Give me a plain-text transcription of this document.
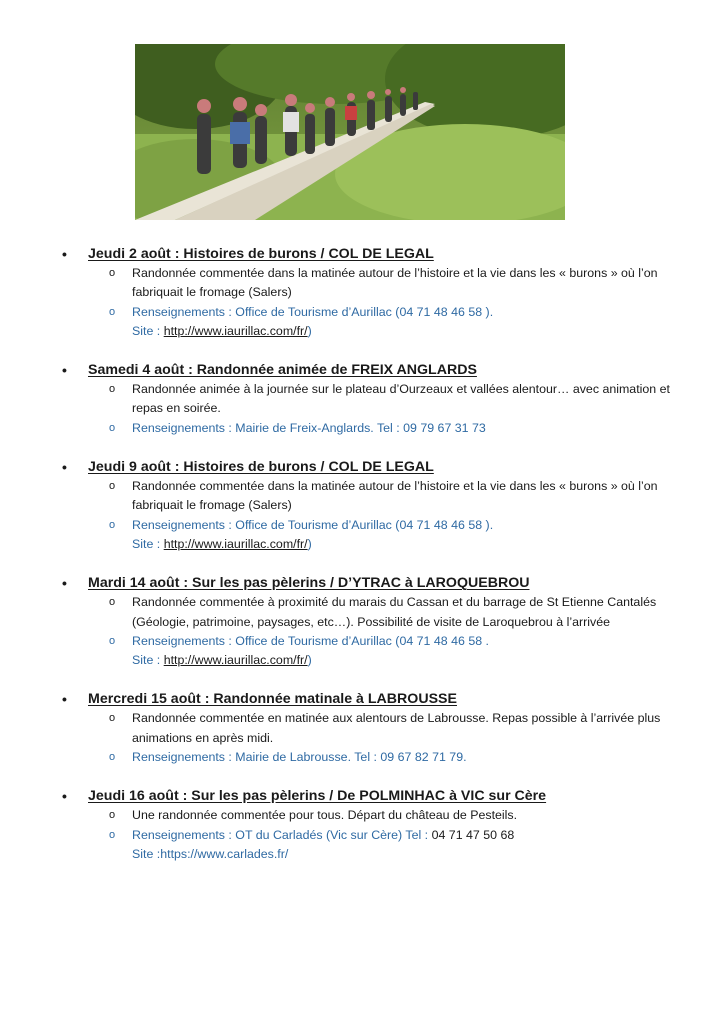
• Jeudi 2 août : Histoires de burons / COL DE LEGAL
o Randonnée commentée dans la matinée autour de l’histoire et la vie dans les « burons » où l’on fabriquait le fromage (Salers)
o Renseignements : Office de Tourisme d’Aurillac (04 71 48 46 58 ).
Site : http://www.iaurillac.com/fr/)
• Samedi 4 août : Randonnée animée de FREIX ANGLARDS
o Randonnée animée à la journée sur le plateau d’Ourzeaux et vallées alentour… avec animation et repas en soirée.
o Renseignements : Mairie de Freix-Anglards. Tel : 09 79 67 31 73
• Jeudi 9 août : Histoires de burons / COL DE LEGAL
o Randonnée commentée dans la matinée autour de l’histoire et la vie dans les « burons » où l’on fabriquait le fromage (Salers)
o Renseignements : Office de Tourisme d’Aurillac (04 71 48 46 58 ).
Site : http://www.iaurillac.com/fr/)
• Mardi 14 août : Sur les pas pèlerins / D’YTRAC à LAROQUEBROU
o Randonnée commentée à proximité du marais du Cassan et du barrage de St Etienne Cantalés (Géologie, patrimoine, paysages, etc…). Possibilité de visite de Laroquebrou à l’arrivée
o Renseignements : Office de Tourisme d’Aurillac (04 71 48 46 58 .
Site : http://www.iaurillac.com/fr/)
• Mercredi 15 août : Randonnée matinale à LABROUSSE
o Randonnée commentée en matinée aux alentours de Labrousse. Repas possible à l’arrivée plus animations en après midi.
o Renseignements : Mairie de Labrousse. Tel : 09 67 82 71 79.
• Jeudi 16 août : Sur les pas pèlerins / De POLMINHAC à VIC sur Cère
o Une randonnée commentée pour tous. Départ du château de Pesteils.
o Renseignements : OT du Carladés (Vic sur Cère) Tel : 04 71 47 50 68
Site :https://www.carlades.fr/
